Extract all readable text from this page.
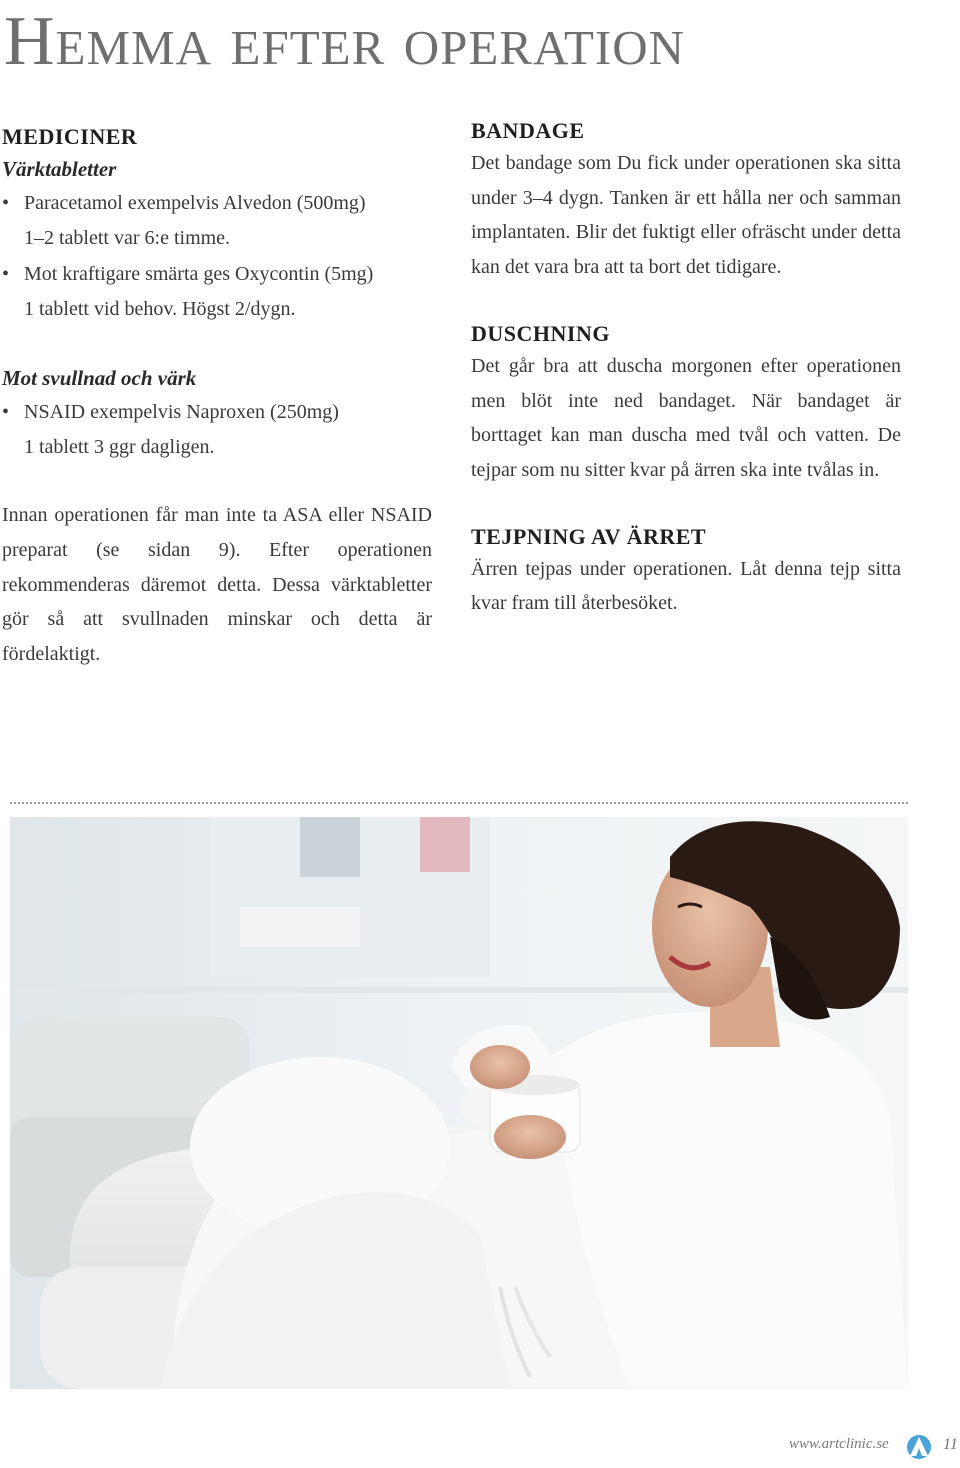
Hemma efter operation
MEDICINER
Värktabletter
• Paracetamol exempelvis Alvedon (500mg)
1–2 tablett var 6:e timme.
• Mot kraftigare smärta ges Oxycontin (5mg)
1 tablett vid behov. Högst 2/dygn.
Mot svullnad och värk
• NSAID exempelvis Naproxen (250mg)
1 tablett 3 ggr dagligen.

Innan operationen får man inte ta ASA eller NSAID preparat (se sidan 9). Efter operationen rekommenderas däremot detta. Dessa värktabletter gör så att svullnaden minskar och detta är fördelaktigt.

BANDAGE

Det bandage som Du fick under operationen ska sitta under 3–4 dygn. Tanken är ett hålla ner och samman implantaten. Blir det fuktigt eller ofräscht under detta kan det vara bra att ta bort det tidigare.

DUSCHNING

Det går bra att duscha morgonen efter operationen men blöt inte ned bandaget. När bandaget är borttaget kan man duscha med tvål och vatten. De tejpar som nu sitter kvar på ärren ska inte tvålas in.

TEJPNING AV ÄRRET

Ärren tejpas under operationen. Låt denna tejp sitta kvar fram till återbesöket.

www.artclinic.se	11
